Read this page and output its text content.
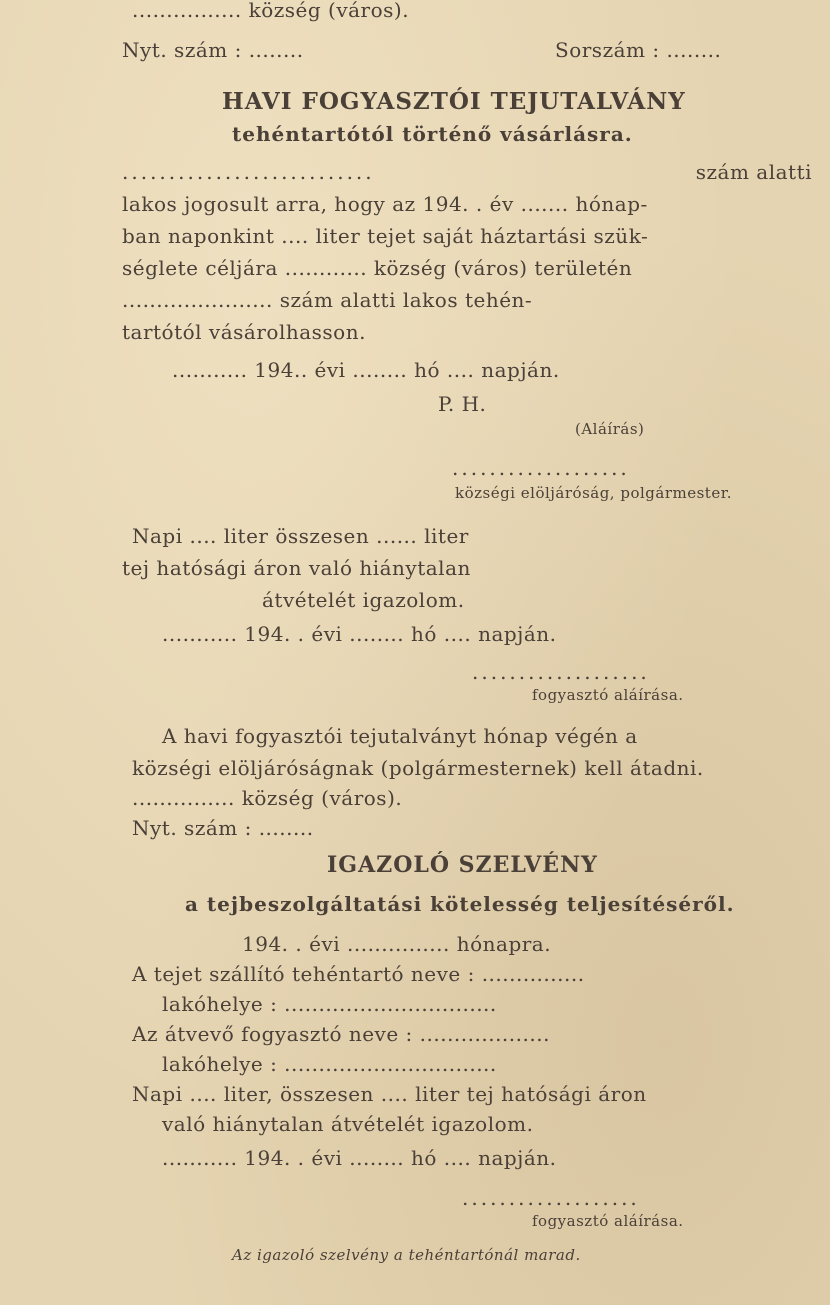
................ község (város).
Nyt. szám : ........	Sorszám : ........
HAVI FOGYASZTÓI TEJUTALVÁNY
tehéntartótól történő vásárlásra.
...........................	szám alatti
lakos jogosult arra, hogy az 194. . év ....... hónap-
ban naponkint .... liter tejet saját háztartási szük-
séglete céljára ............ község (város) területén
...................... szám alatti lakos tehén-
tartótól vásárolhasson.
........... 194.. évi ........ hó .... napján.
P. H.
(Aláírás)
...................
községi elöljáróság, polgármester.
Napi .... liter összesen ...... liter
tej hatósági áron való hiánytalan
átvételét igazolom.
........... 194. . évi ........ hó .... napján.
...................
fogyasztó aláírása.
A havi fogyasztói tejutalványt hónap végén a
községi elöljáróságnak (polgármesternek) kell átadni.
............... község (város).
Nyt. szám : ........
IGAZOLÓ SZELVÉNY
a tejbeszolgáltatási kötelesség teljesítéséről.
194. . évi ............... hónapra.
A tejet szállító tehéntartó neve : ...............
lakóhelye : ...............................
Az átvevő fogyasztó neve : ...................
lakóhelye : ...............................
Napi .... liter, összesen .... liter tej hatósági áron
való hiánytalan átvételét igazolom.
........... 194. . évi ........ hó .... napján.
...................
fogyasztó aláírása.
Az igazoló szelvény a tehéntartónál marad.
